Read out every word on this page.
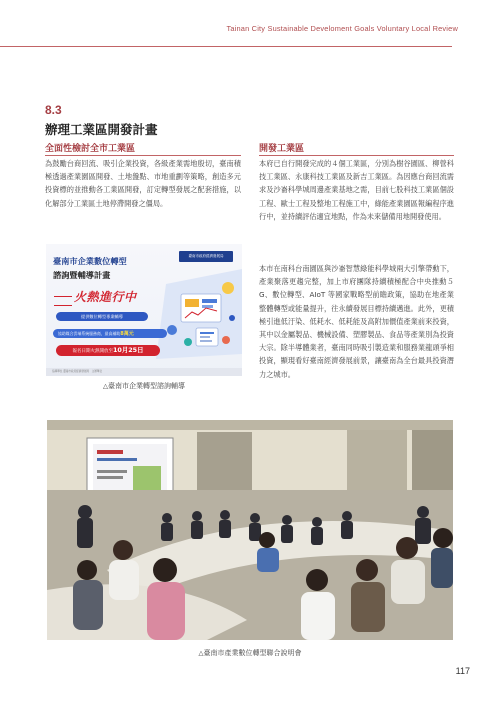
Tainan City Sustainable Develoment Goals Voluntary Local Review
8.3
辦理工業區開發計畫
全面性檢討全市工業區

為鼓勵台商回流、吸引企業投資，各級產業需地殷切，臺南積極透過產業園區開發、土地盤點、市地重劃等策略，創造多元投資標的並推動各工業區開發，訂定轉型發展之配套措施，以化解部分工業區土地停滯開發之僵局。

臺南市政府經濟發展局
臺南市企業數位轉型
諮詢暨輔導計畫
火熱進行中
提供數位轉型專業輔導
協助媒合雲端系統服務商，最高補助8萬元
報名日期火熱開放至10月25日
指導單位 臺南市政府經濟發展局　主辦單位
△臺南市企業轉型諮詢輔導
開發工業區

本府已自行開發完成的４個工業區，分別為樹谷園區、柳營科技工業區、永康科技工業區及新吉工業區。為因應台商回流需求及沙崙科學城周邊產業基地之需，目前七股科技工業區個設工程、歐士工程及整地工程施工中，綠能產業園區報編程序進行中，並持續評估適宜地點，作為未來儲備用地開發使用。

本市在南科台南園區與沙崙智慧綠能科學城兩大引擎帶動下，產業聚落更趨完整，加上市府團隊持續積極配合中央推動５G、數位轉型、AIoT 等國家戰略型前瞻政策，協助在地產業整體轉型或能量提升，往永續發展目標持續邁進。此外，更積極引進低汙染、低耗水、低耗能及高附加價值產業前來投資，其中以金屬製品、機械設備、塑膠製品、食品等產業別為投資大宗。除半導體業者，臺南同時吸引製造業和服務業龍頭爭相投資，顯現看好臺南經濟發展前景，讓臺南為全台最具投資潛力之城市。

△臺南市產業數位轉型聯合說明會
117
